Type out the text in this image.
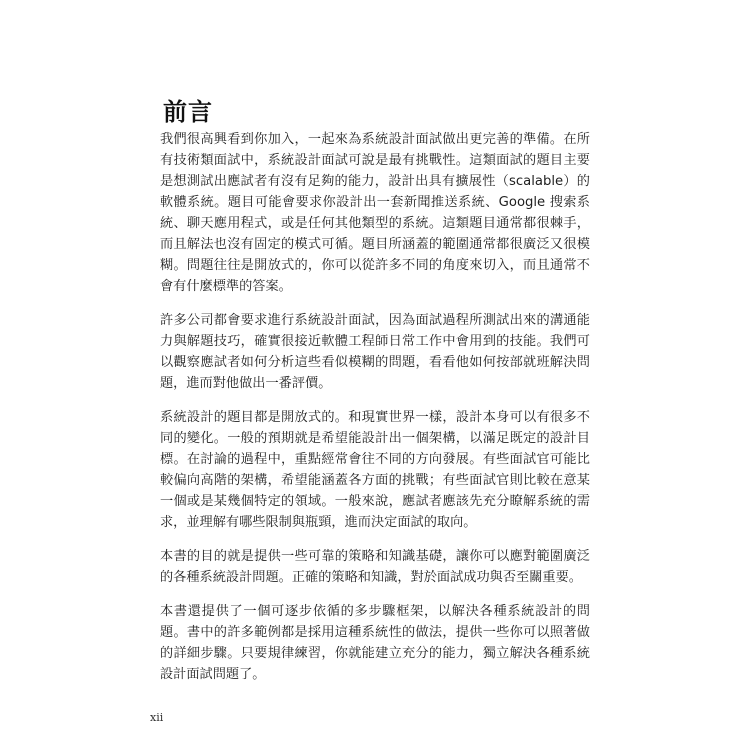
前言

我們很高興看到你加入，一起來為系統設計面試做出更完善的準備。在所有技術類面試中，系統設計面試可說是最有挑戰性。這類面試的題目主要是想測試出應試者有沒有足夠的能力，設計出具有擴展性（scalable）的軟體系統。題目可能會要求你設計出一套新聞推送系統、Google 搜索系統、聊天應用程式，或是任何其他類型的系統。這類題目通常都很棘手，而且解法也沒有固定的模式可循。題目所涵蓋的範圍通常都很廣泛又很模糊。問題往往是開放式的，你可以從許多不同的角度來切入，而且通常不會有什麼標準的答案。

許多公司都會要求進行系統設計面試，因為面試過程所測試出來的溝通能力與解題技巧，確實很接近軟體工程師日常工作中會用到的技能。我們可以觀察應試者如何分析這些看似模糊的問題，看看他如何按部就班解決問題，進而對他做出一番評價。

系統設計的題目都是開放式的。和現實世界一樣，設計本身可以有很多不同的變化。一般的預期就是希望能設計出一個架構，以滿足既定的設計目標。在討論的過程中，重點經常會往不同的方向發展。有些面試官可能比較偏向高階的架構，希望能涵蓋各方面的挑戰；有些面試官則比較在意某一個或是某幾個特定的領域。一般來說，應試者應該先充分瞭解系統的需求，並理解有哪些限制與瓶頸，進而決定面試的取向。

本書的目的就是提供一些可靠的策略和知識基礎，讓你可以應對範圍廣泛的各種系統設計問題。正確的策略和知識，對於面試成功與否至關重要。

本書還提供了一個可逐步依循的多步驟框架，以解決各種系統設計的問題。書中的許多範例都是採用這種系統性的做法，提供一些你可以照著做的詳細步驟。只要規律練習，你就能建立充分的能力，獨立解決各種系統設計面試問題了。

xii
